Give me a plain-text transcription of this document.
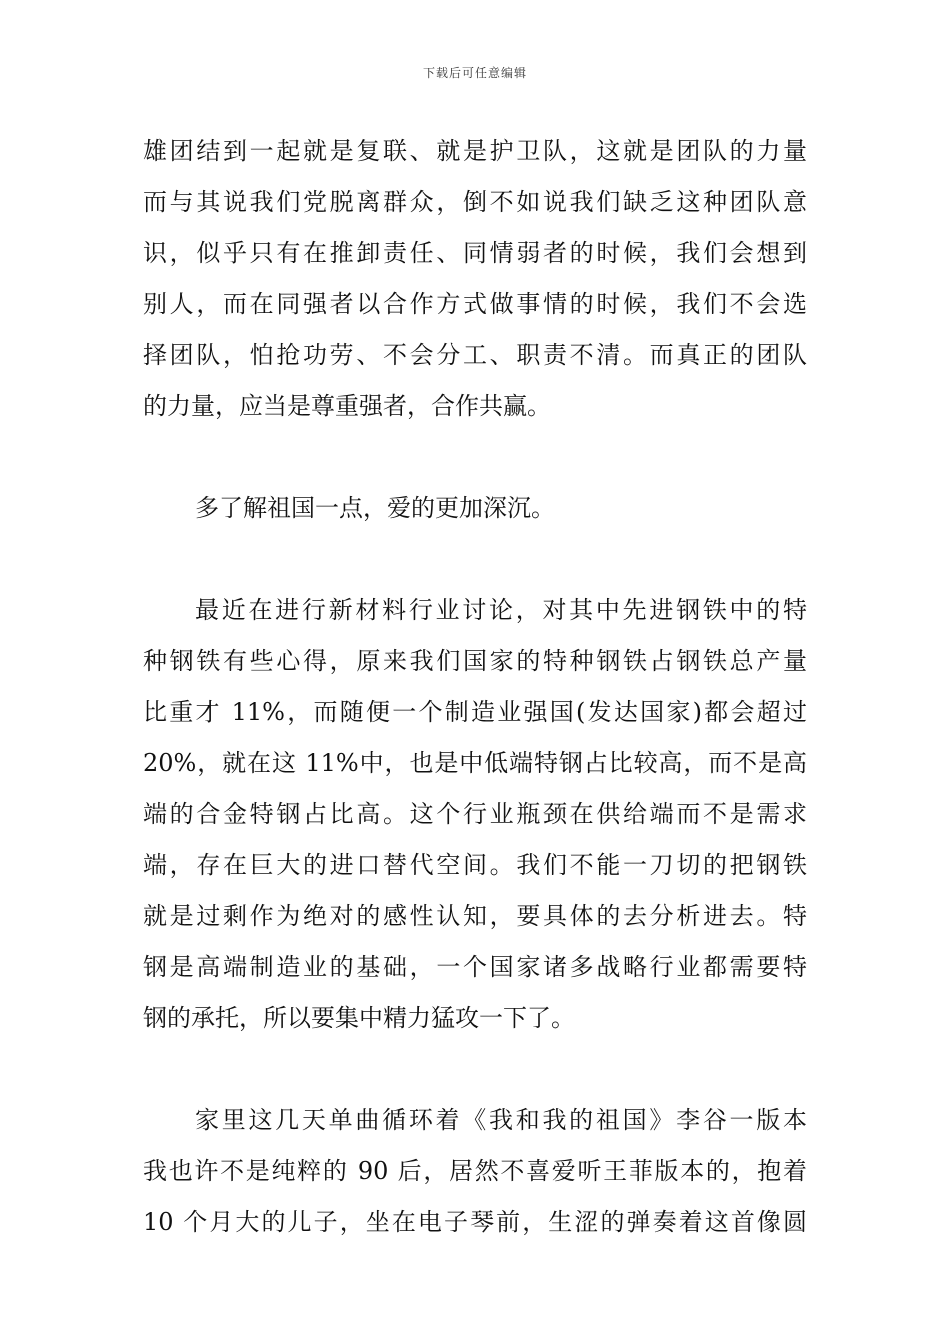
下载后可任意编辑
雄团结到一起就是复联、就是护卫队，这就是团队的力量
而与其说我们党脱离群众，倒不如说我们缺乏这种团队意
识，似乎只有在推卸责任、同情弱者的时候，我们会想到
别人，而在同强者以合作方式做事情的时候，我们不会选
择团队，怕抢功劳、不会分工、职责不清。而真正的团队
的力量，应当是尊重强者，合作共赢。
多了解祖国一点，爱的更加深沉。
最近在进行新材料行业讨论，对其中先进钢铁中的特
种钢铁有些心得，原来我们国家的特种钢铁占钢铁总产量
比重才 11%，而随便一个制造业强国(发达国家)都会超过
20%，就在这 11%中，也是中低端特钢占比较高，而不是高
端的合金特钢占比高。这个行业瓶颈在供给端而不是需求
端，存在巨大的进口替代空间。我们不能一刀切的把钢铁
就是过剩作为绝对的感性认知，要具体的去分析进去。特
钢是高端制造业的基础，一个国家诸多战略行业都需要特
钢的承托，所以要集中精力猛攻一下了。
家里这几天单曲循环着《我和我的祖国》李谷一版本
我也许不是纯粹的 90 后，居然不喜爱听王菲版本的，抱着
10 个月大的儿子，坐在电子琴前，生涩的弹奏着这首像圆
